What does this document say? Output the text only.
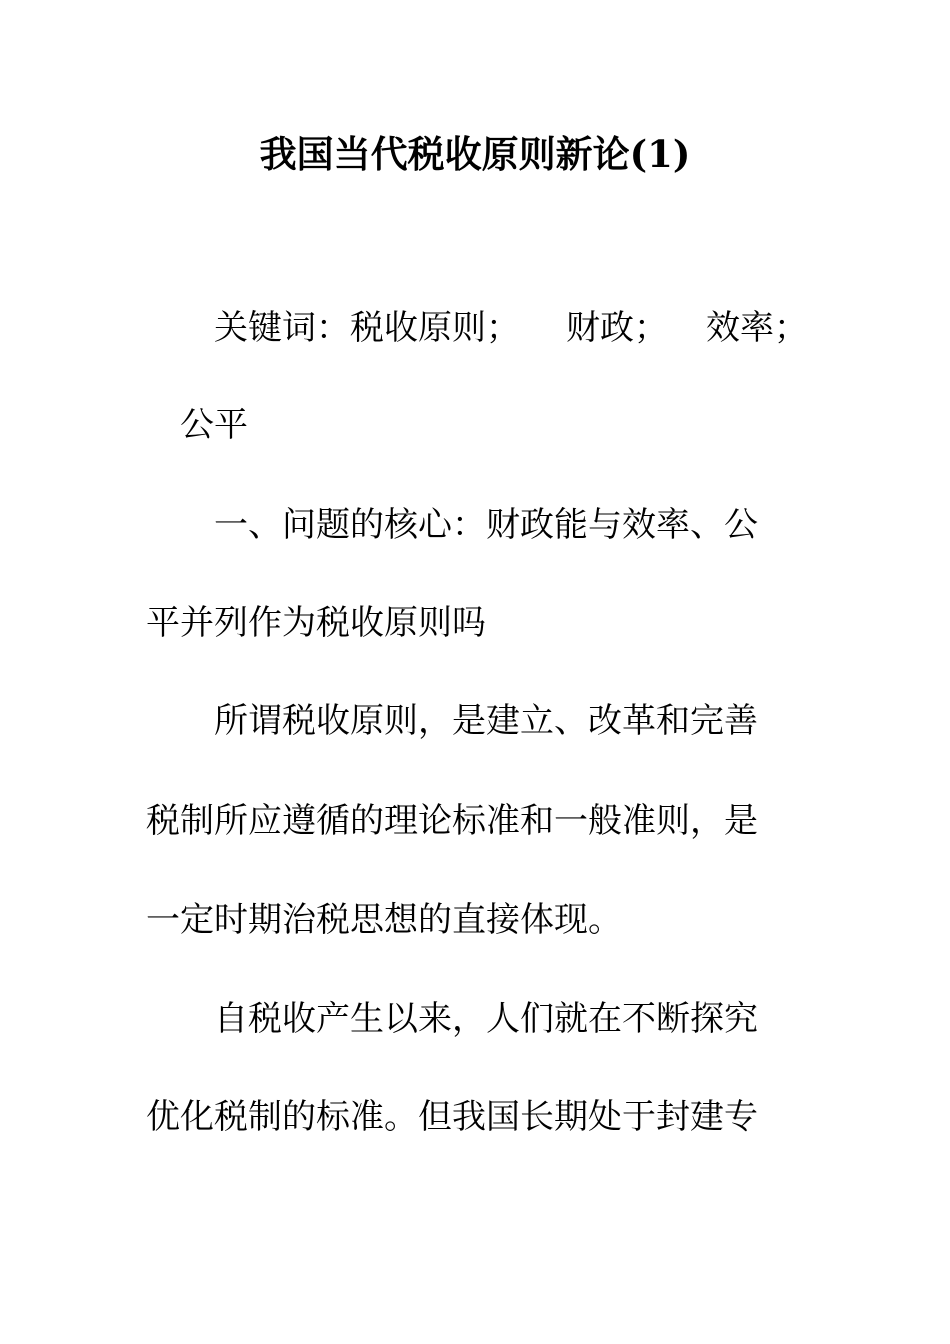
我国当代税收原则新论(1)
关键词：税收原则； 财政； 效率；
公平
一、问题的核心：财政能与效率、公
平并列作为税收原则吗
所谓税收原则，是建立、改革和完善
税制所应遵循的理论标准和一般准则，是
一定时期治税思想的直接体现。
自税收产生以来，人们就在不断探究
优化税制的标准。但我国长期处于封建专
